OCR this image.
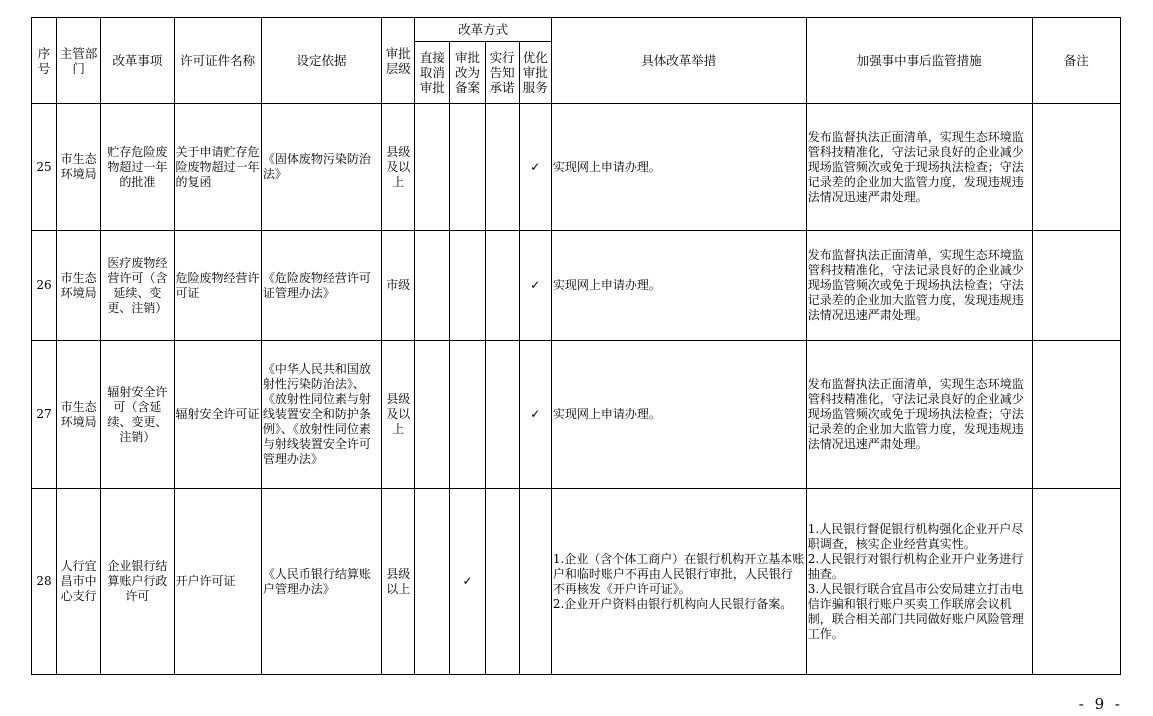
序号	主管部门	改革事项	许可证件名称	设定依据	审批层级	改革方式				具体改革举措	加强事中事后监管措施	备注
						直接取消审批	审批改为备案	实行告知承诺	优化审批服务			
25	市生态环境局	贮存危险废物超过一年的批准	关于申请贮存危险废物超过一年的复函	《固体废物污染防治法》	县级及以上				✓	实现网上申请办理。	发布监督执法正面清单，实现生态环境监管科技精准化，守法记录良好的企业减少现场监管频次或免于现场执法检查；守法记录差的企业加大监管力度，发现违规违法情况迅速严肃处理。	
26	市生态环境局	医疗废物经营许可（含延续、变更、注销）	危险废物经营许可证	《危险废物经营许可证管理办法》	市级				✓	实现网上申请办理。	发布监督执法正面清单，实现生态环境监管科技精准化，守法记录良好的企业减少现场监管频次或免于现场执法检查；守法记录差的企业加大监管力度，发现违规违法情况迅速严肃处理。	
27	市生态环境局	辐射安全许可（含延续、变更、注销）	辐射安全许可证	《中华人民共和国放射性污染防治法》、《放射性同位素与射线装置安全和防护条例》、《放射性同位素与射线装置安全许可管理办法》	县级及以上				✓	实现网上申请办理。	发布监督执法正面清单，实现生态环境监管科技精准化，守法记录良好的企业减少现场监管频次或免于现场执法检查；守法记录差的企业加大监管力度，发现违规违法情况迅速严肃处理。	
28	人行宜昌市中心支行	企业银行结算账户行政许可	开户许可证	《人民币银行结算账户管理办法》	县级以上		✓			1.企业（含个体工商户）在银行机构开立基本账户和临时账户不再由人民银行审批，人民银行不再核发《开户许可证》。
2.企业开户资料由银行机构向人民银行备案。	1.人民银行督促银行机构强化企业开户尽职调查，核实企业经营真实性。
2.人民银行对银行机构企业开户业务进行抽查。
3.人民银行联合宜昌市公安局建立打击电信诈骗和银行账户买卖工作联席会议机制，联合相关部门共同做好账户风险管理工作。	
- 9 -
